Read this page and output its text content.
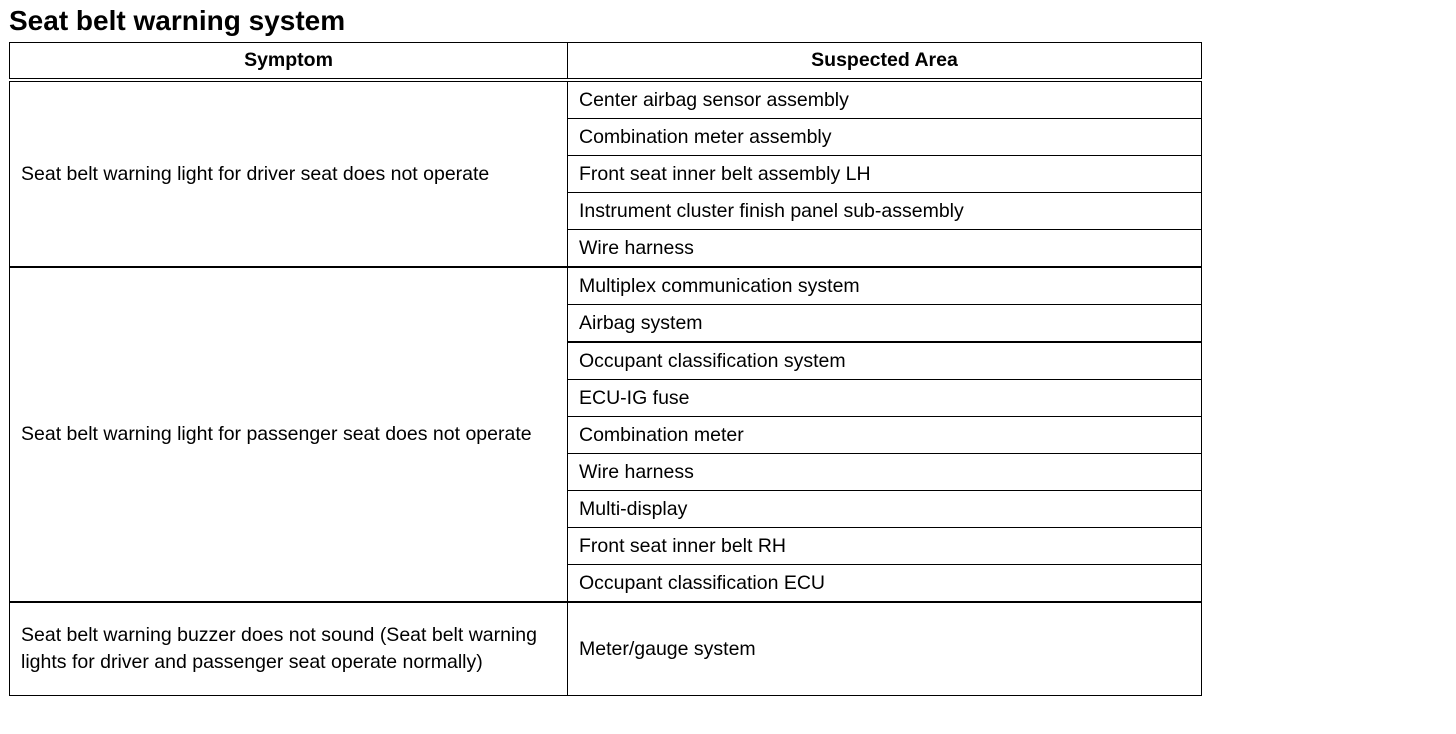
Seat belt warning system
Symptom	Suspected Area
Seat belt warning light for driver seat does not operate	Center airbag sensor assembly
	Combination meter assembly
	Front seat inner belt assembly LH
	Instrument cluster finish panel sub-assembly
	Wire harness
Seat belt warning light for passenger seat does not operate	Multiplex communication system
	Airbag system
	Occupant classification system
	ECU-IG fuse
	Combination meter
	Wire harness
	Multi-display
	Front seat inner belt RH
	Occupant classification ECU
Seat belt warning buzzer does not sound (Seat belt warning lights for driver and passenger seat operate normally)	Meter/gauge system
